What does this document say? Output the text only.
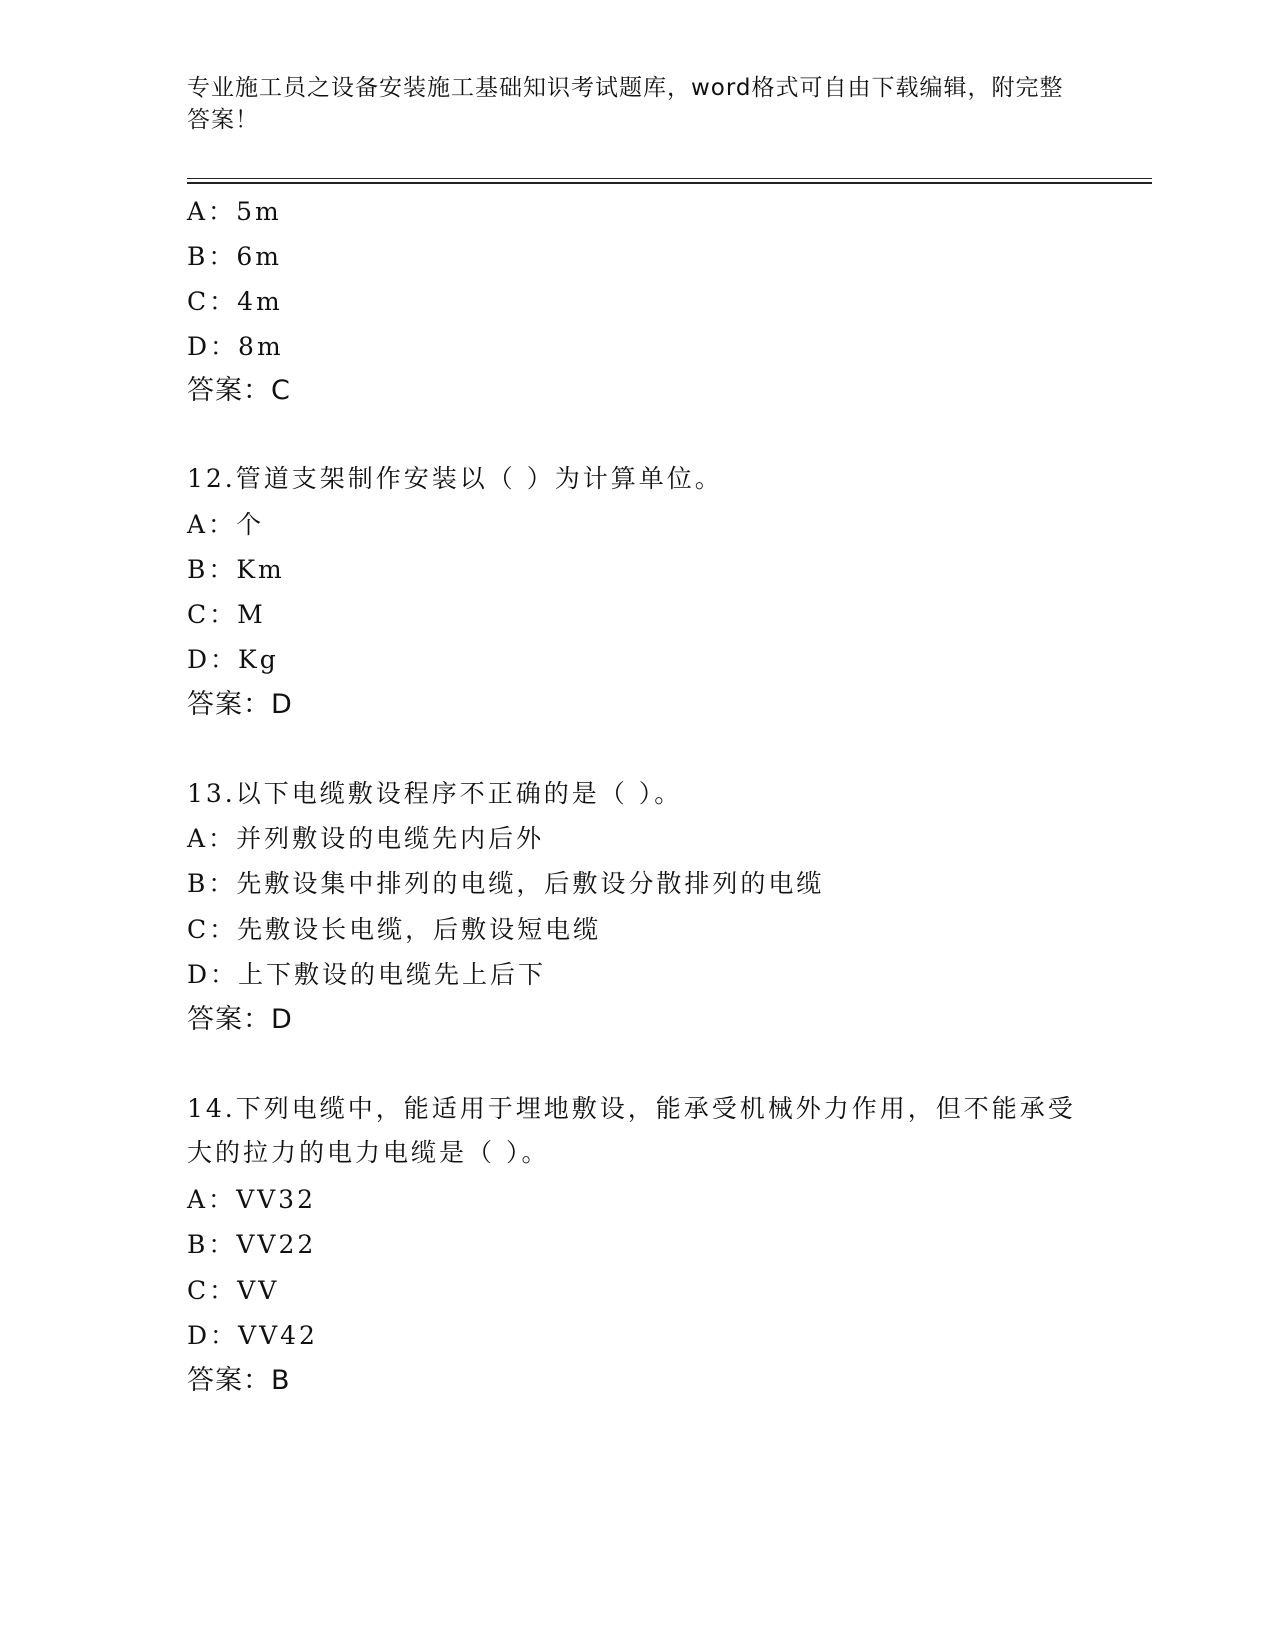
专业施工员之设备安装施工基础知识考试题库，word格式可自由下载编辑，附完整答案！
A：5m
B：6m
C：4m
D：8m
答案：C
12.管道支架制作安装以（ ）为计算单位。
A：个
B：Km
C：M
D：Kg
答案：D
13.以下电缆敷设程序不正确的是（ ）。
A：并列敷设的电缆先内后外
B：先敷设集中排列的电缆，后敷设分散排列的电缆
C：先敷设长电缆，后敷设短电缆
D：上下敷设的电缆先上后下
答案：D
14.下列电缆中，能适用于埋地敷设，能承受机械外力作用，但不能承受大的拉力的电力电缆是（ ）。
A：VV32
B：VV22
C：VV
D：VV42
答案：B
